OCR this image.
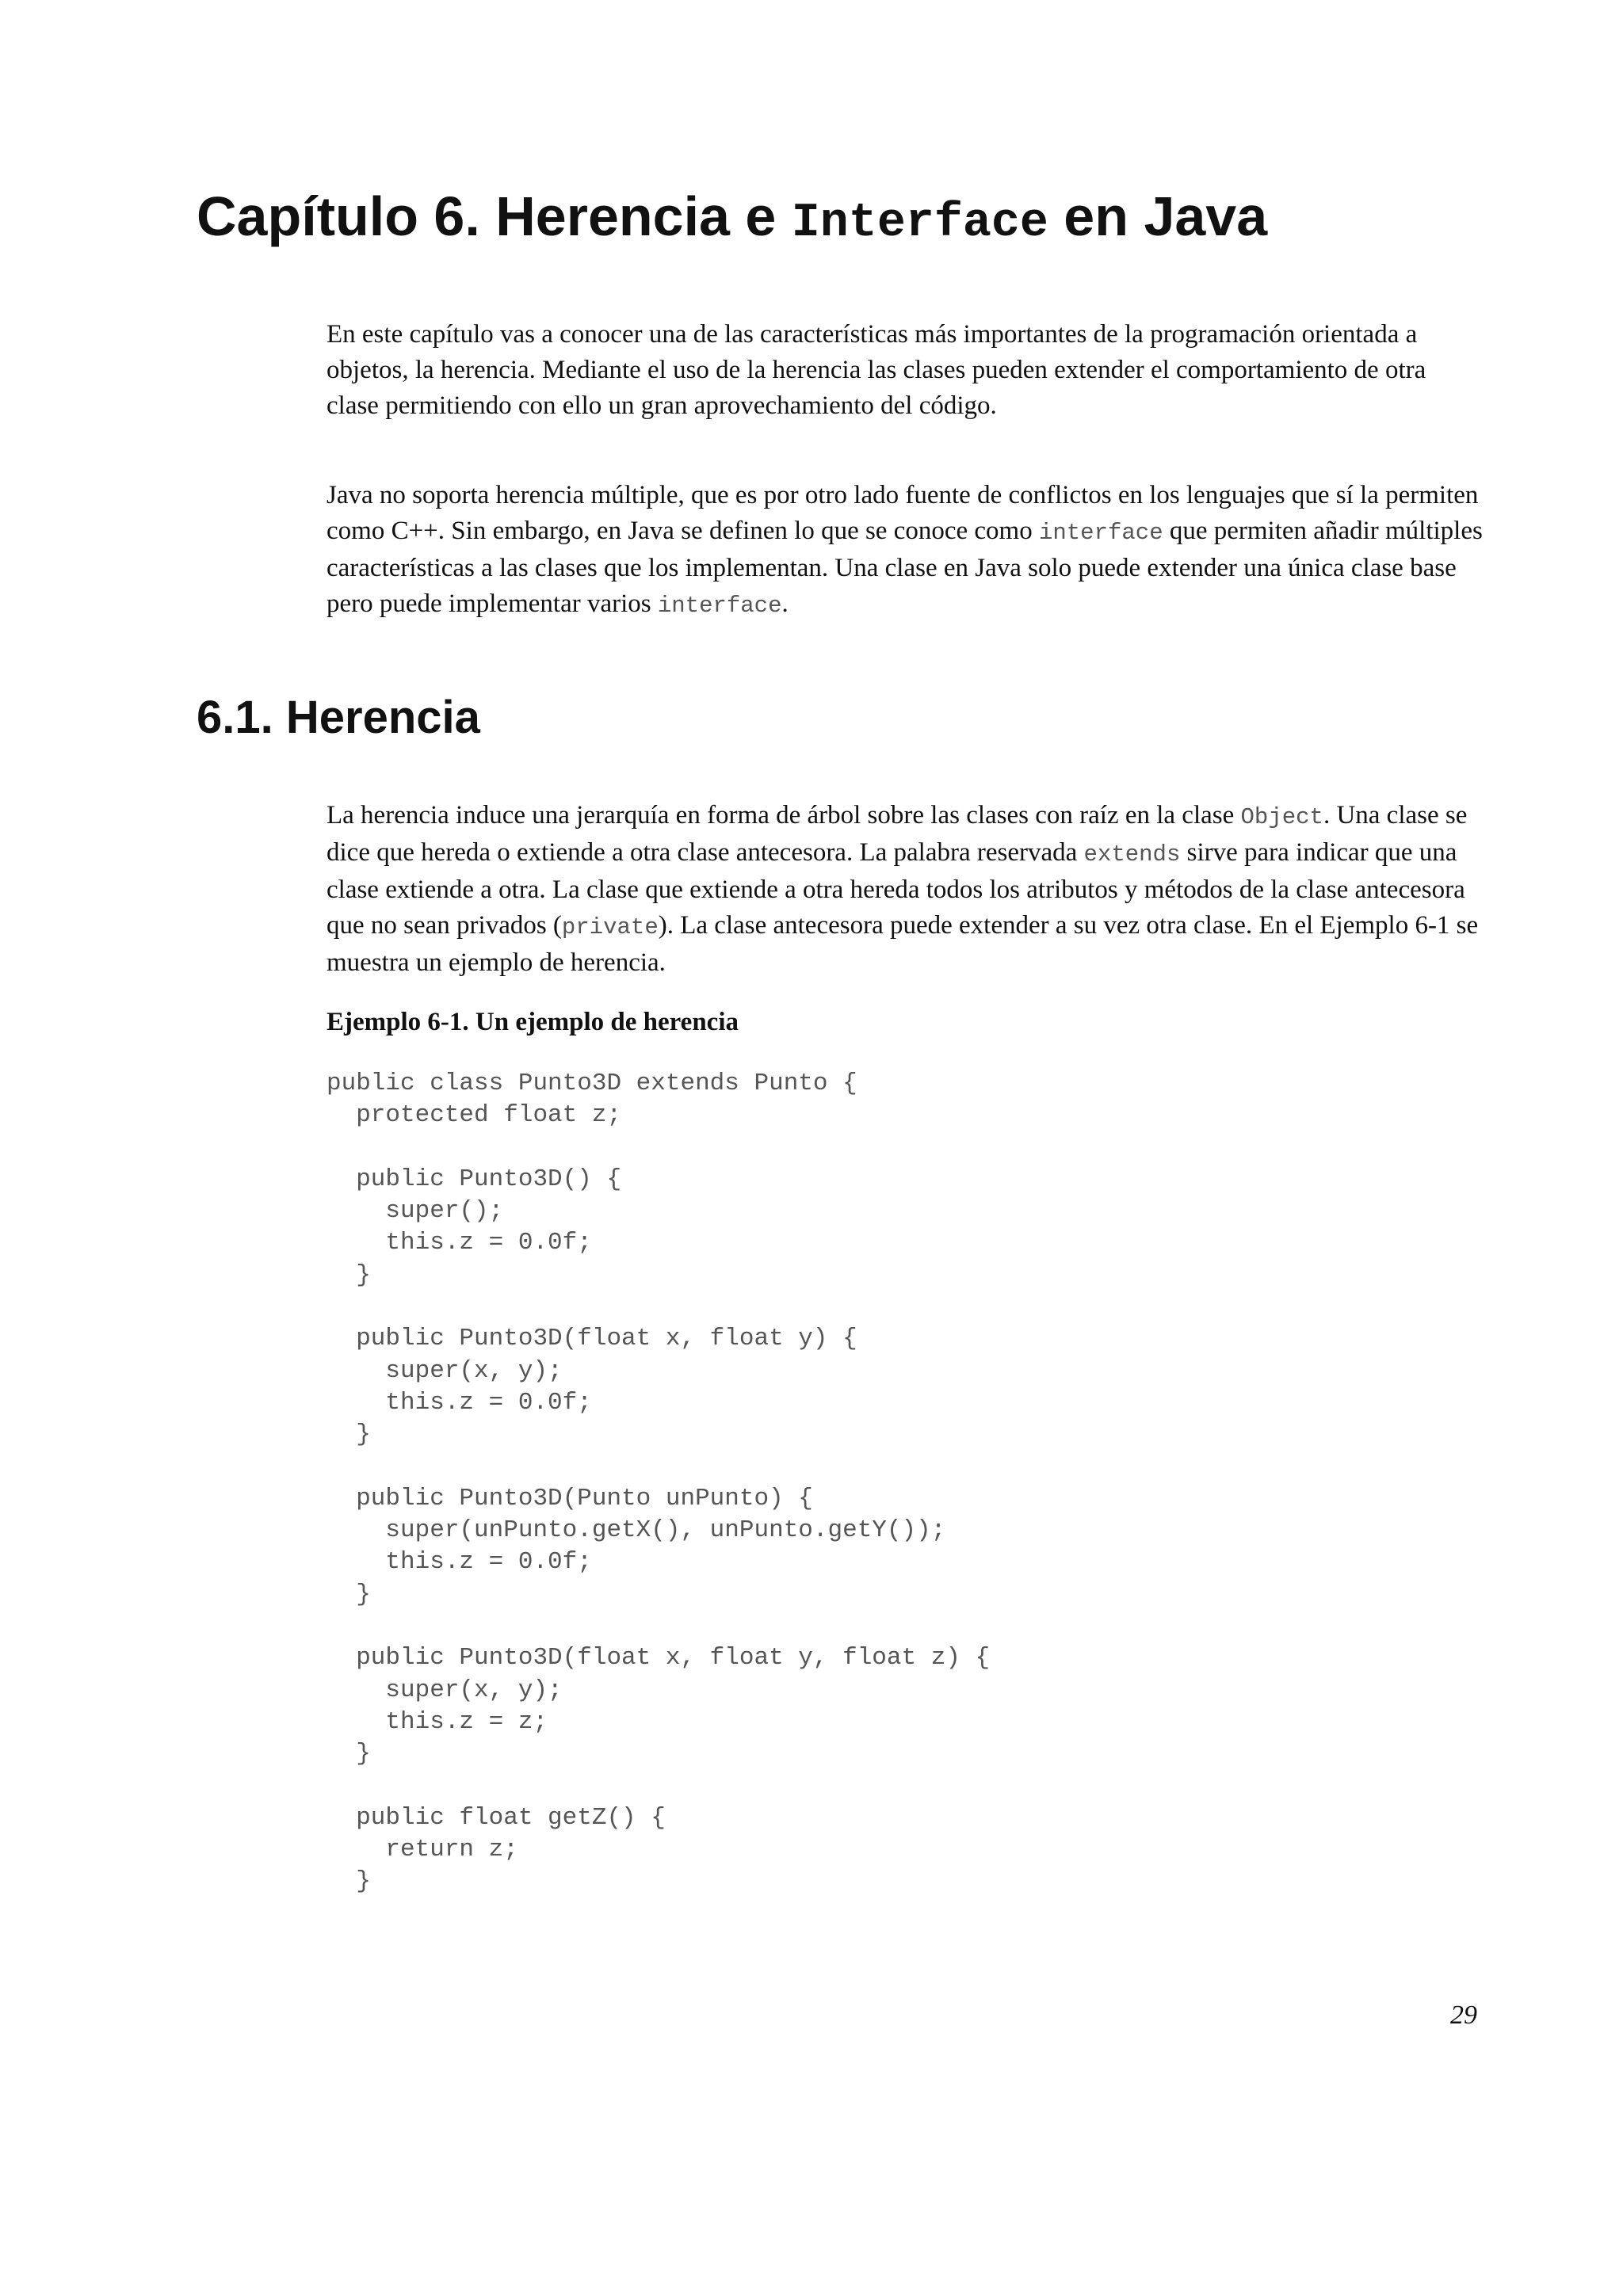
Capítulo 6. Herencia e Interface en Java

En este capítulo vas a conocer una de las características más importantes de la programación orientada a objetos, la herencia. Mediante el uso de la herencia las clases pueden extender el comportamiento de otra clase permitiendo con ello un gran aprovechamiento del código.

Java no soporta herencia múltiple, que es por otro lado fuente de conflictos en los lenguajes que sí la permiten como C++. Sin embargo, en Java se definen lo que se conoce como interface que permiten añadir múltiples características a las clases que los implementan. Una clase en Java solo puede extender una única clase base pero puede implementar varios interface.

6.1. Herencia

La herencia induce una jerarquía en forma de árbol sobre las clases con raíz en la clase Object. Una clase se dice que hereda o extiende a otra clase antecesora. La palabra reservada extends sirve para indicar que una clase extiende a otra. La clase que extiende a otra hereda todos los atributos y métodos de la clase antecesora que no sean privados (private). La clase antecesora puede extender a su vez otra clase. En el Ejemplo 6-1 se muestra un ejemplo de herencia.

Ejemplo 6-1. Un ejemplo de herencia

public class Punto3D extends Punto {
protected float z;

public Punto3D() {
super();
this.z = 0.0f;
}

public Punto3D(float x, float y) {
super(x, y);
this.z = 0.0f;
}

public Punto3D(Punto unPunto) {
super(unPunto.getX(), unPunto.getY());
this.z = 0.0f;
}

public Punto3D(float x, float y, float z) {
super(x, y);
this.z = z;
}

public float getZ() {
return z;
}

29
